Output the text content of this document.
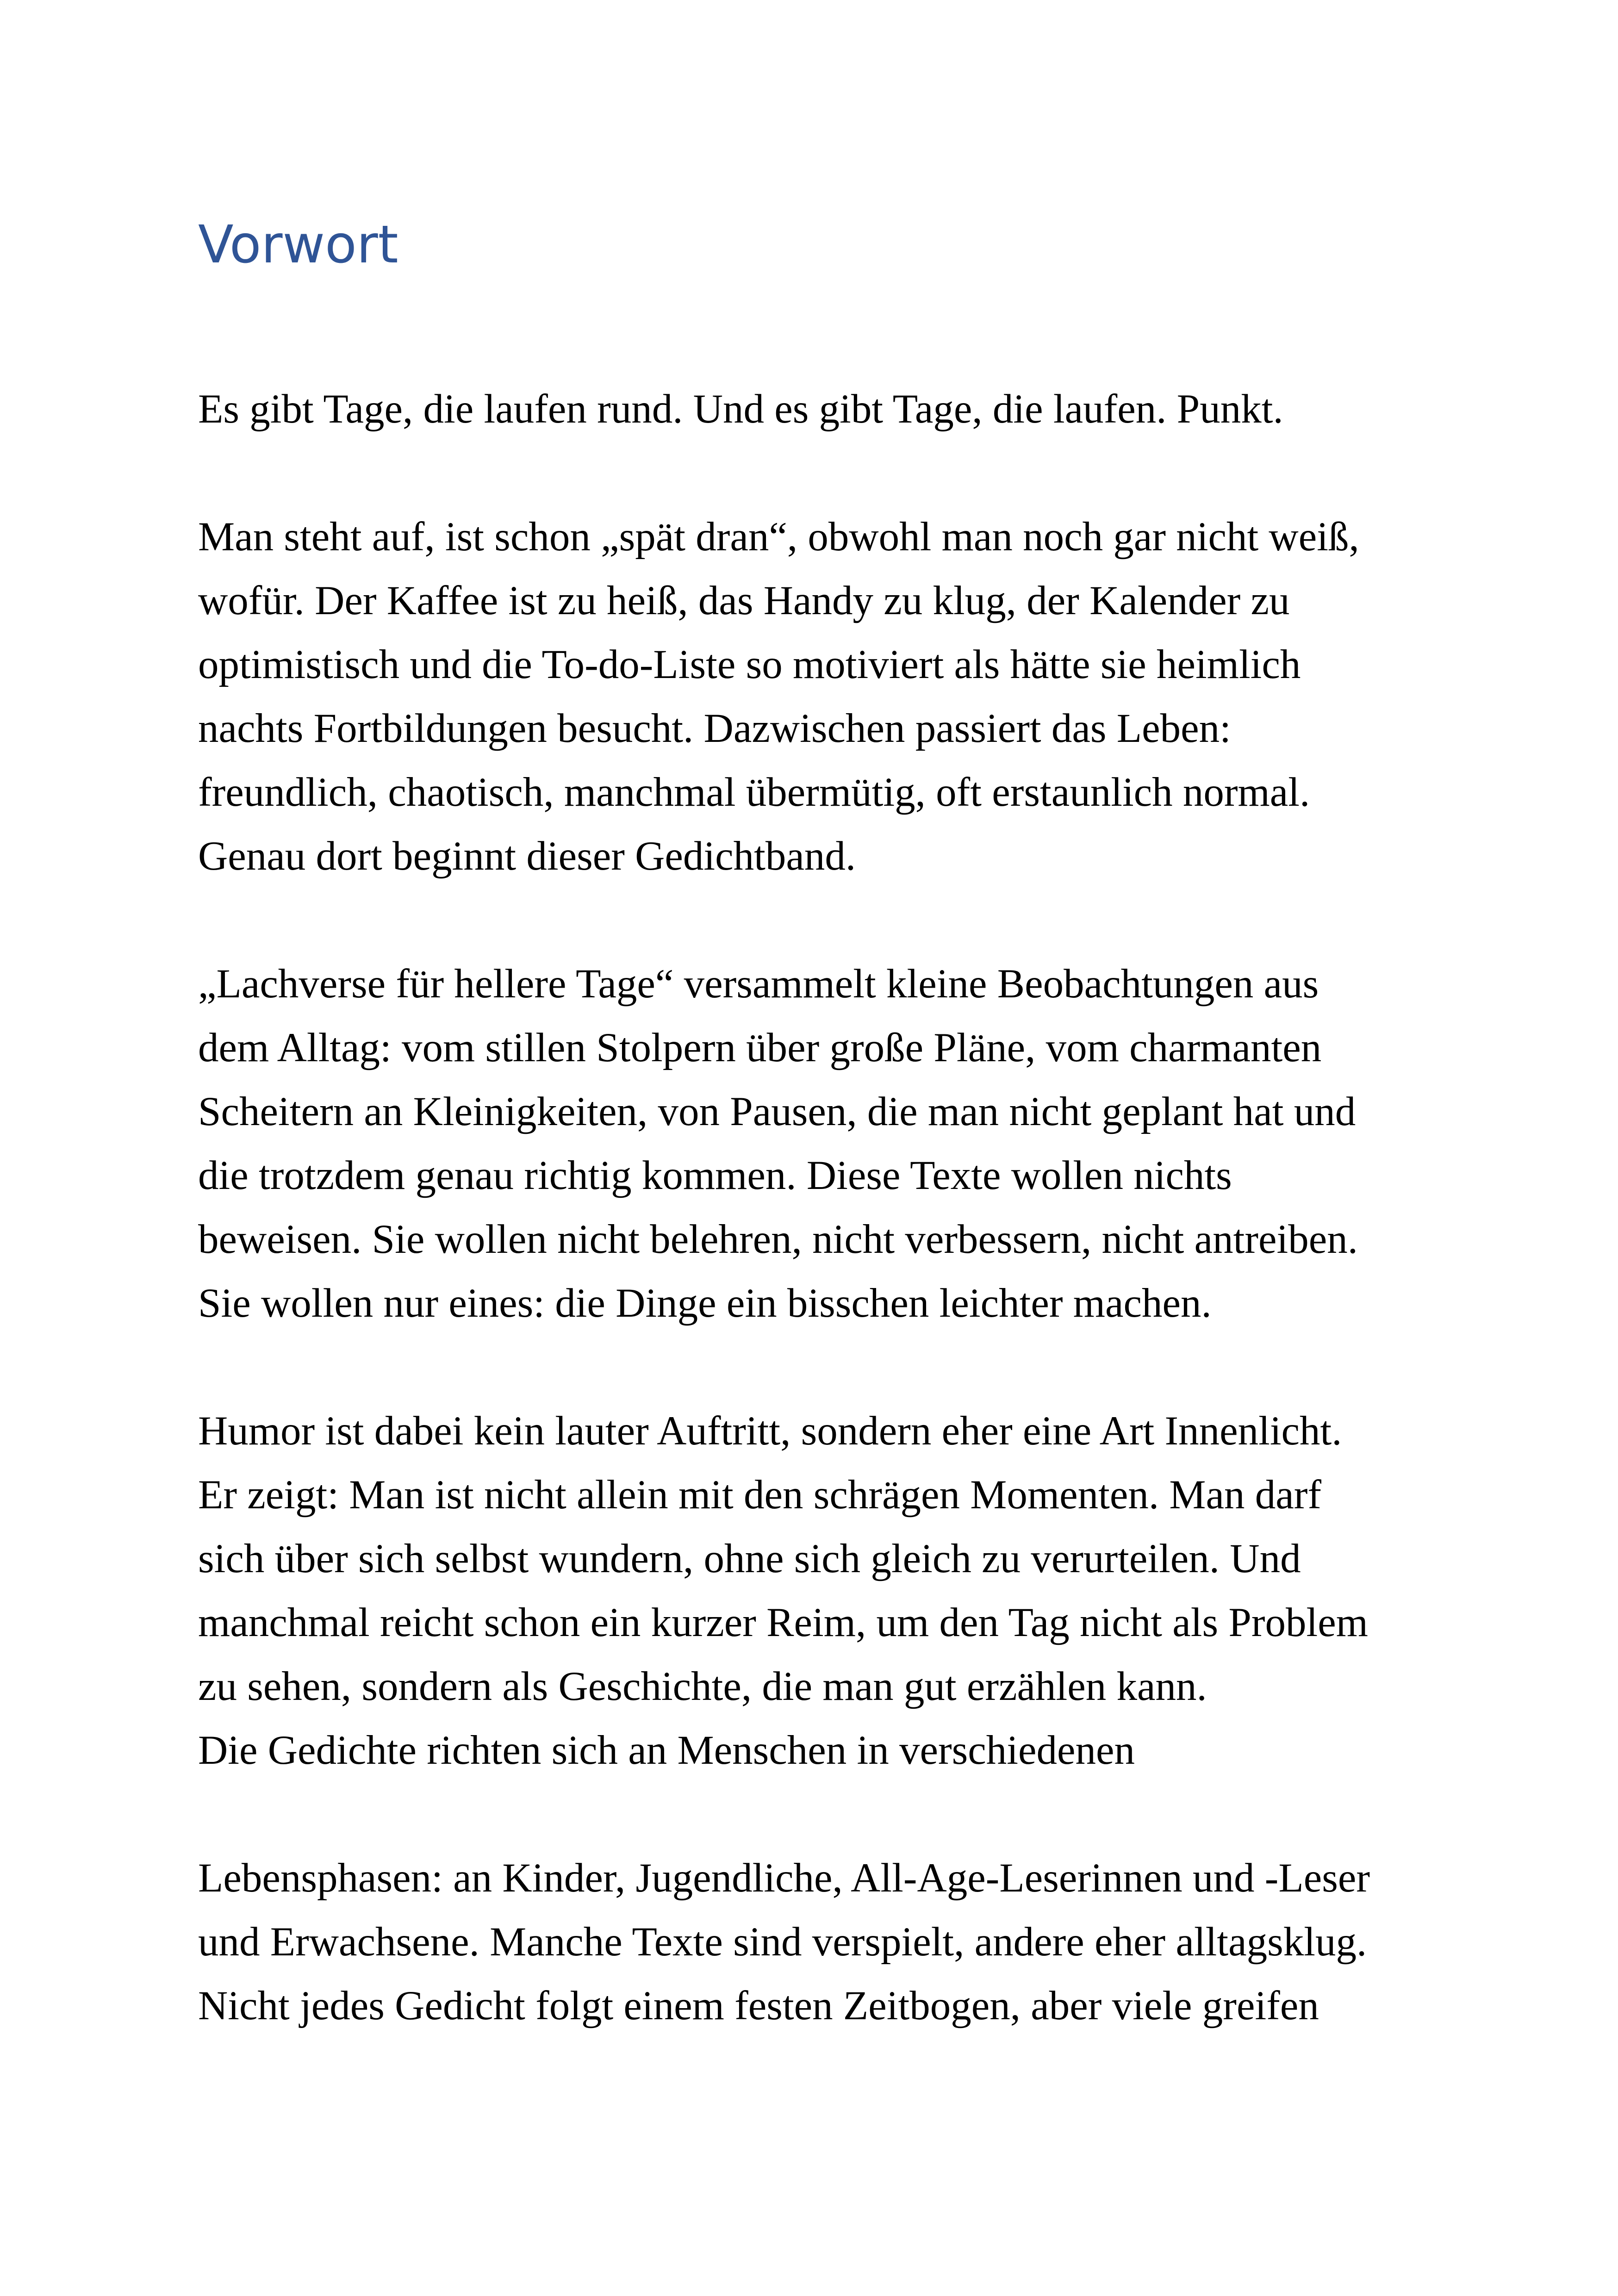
Vorwort

Es gibt Tage, die laufen rund. Und es gibt Tage, die laufen. Punkt.

Man steht auf, ist schon „spät dran“, obwohl man noch gar nicht weiß,
wofür. Der Kaffee ist zu heiß, das Handy zu klug, der Kalender zu
optimistisch und die To-do-Liste so motiviert als hätte sie heimlich
nachts Fortbildungen besucht. Dazwischen passiert das Leben:
freundlich, chaotisch, manchmal übermütig, oft erstaunlich normal.
Genau dort beginnt dieser Gedichtband.

„Lachverse für hellere Tage“ versammelt kleine Beobachtungen aus
dem Alltag: vom stillen Stolpern über große Pläne, vom charmanten
Scheitern an Kleinigkeiten, von Pausen, die man nicht geplant hat und
die trotzdem genau richtig kommen. Diese Texte wollen nichts
beweisen. Sie wollen nicht belehren, nicht verbessern, nicht antreiben.
Sie wollen nur eines: die Dinge ein bisschen leichter machen.

Humor ist dabei kein lauter Auftritt, sondern eher eine Art Innenlicht.
Er zeigt: Man ist nicht allein mit den schrägen Momenten. Man darf
sich über sich selbst wundern, ohne sich gleich zu verurteilen. Und
manchmal reicht schon ein kurzer Reim, um den Tag nicht als Problem
zu sehen, sondern als Geschichte, die man gut erzählen kann.
Die Gedichte richten sich an Menschen in verschiedenen

Lebensphasen: an Kinder, Jugendliche, All-Age-Leserinnen und -Leser
und Erwachsene. Manche Texte sind verspielt, andere eher alltagsklug.
Nicht jedes Gedicht folgt einem festen Zeitbogen, aber viele greifen
